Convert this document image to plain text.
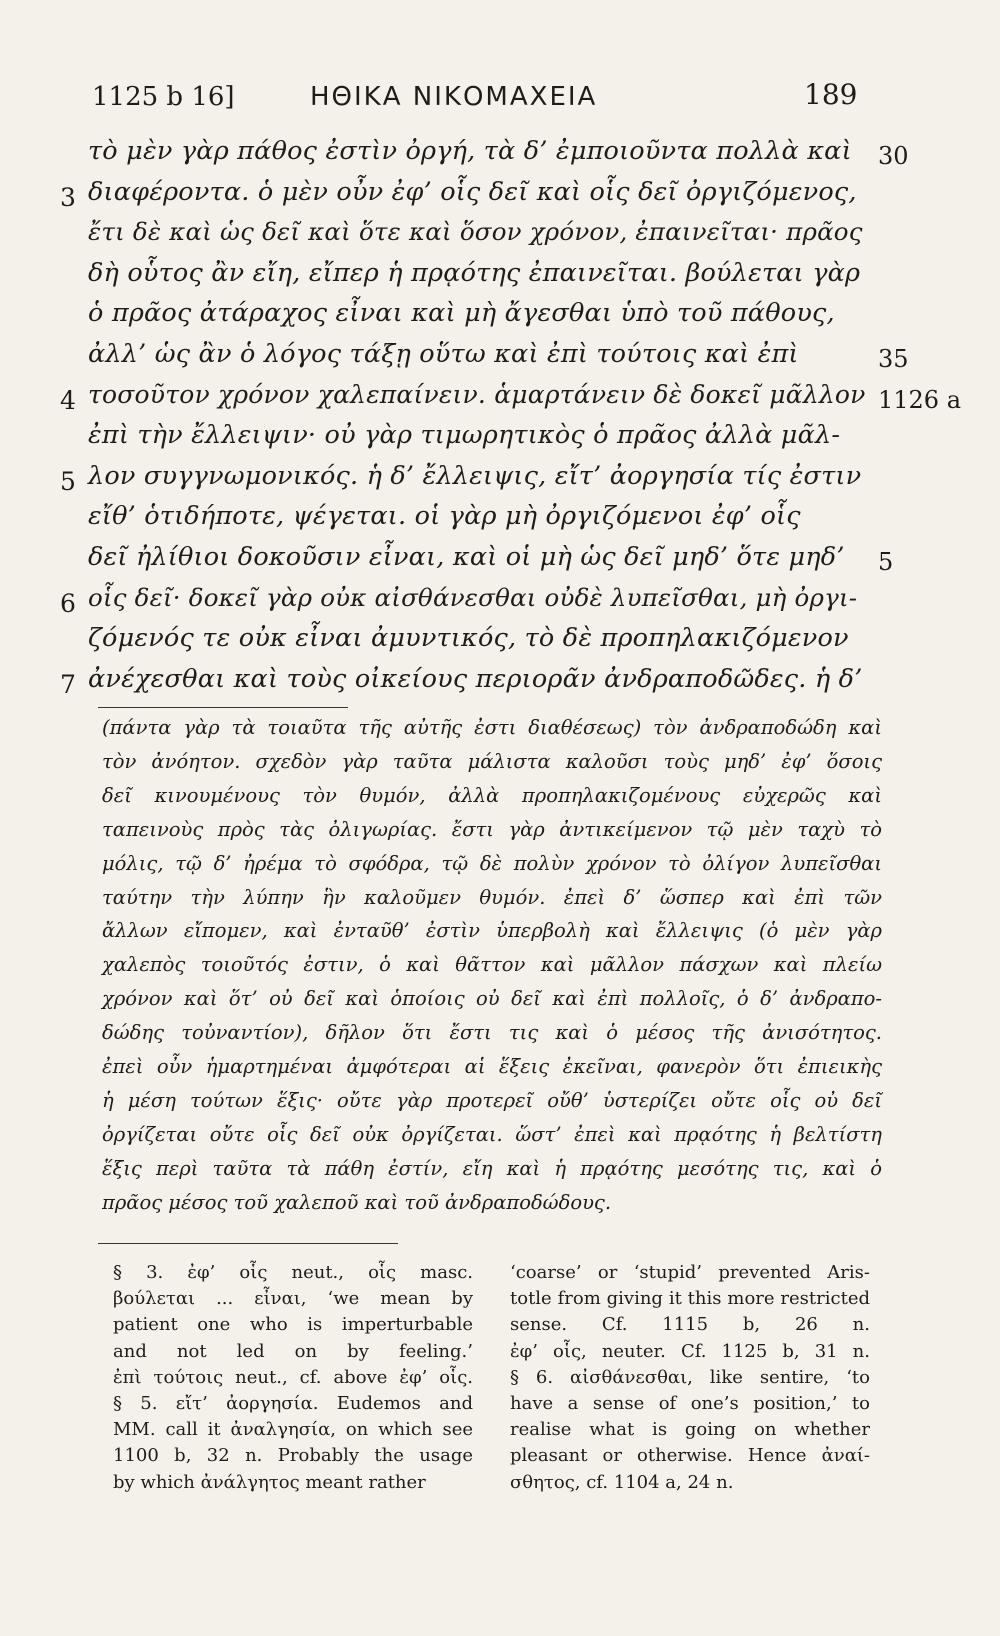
1125 b 16]	ΗΘΙΚΑ ΝΙΚΟΜΑΧΕΙΑ	189
τὸ μὲν γὰρ πάθος ἐστὶν ὀργή, τὰ δ’ ἐμποιοῦντα πολλὰ καὶ 30
3 διαφέροντα. ὁ μὲν οὖν ἐφ’ οἷς δεῖ καὶ οἷς δεῖ ὀργιζόμενος,
ἔτι δὲ καὶ ὡς δεῖ καὶ ὅτε καὶ ὅσον χρόνον, ἐπαινεῖται· πρᾶος
δὴ οὗτος ἂν εἴη, εἴπερ ἡ πρᾳότης ἐπαινεῖται. βούλεται γὰρ
ὁ πρᾶος ἀτάραχος εἶναι καὶ μὴ ἄγεσθαι ὑπὸ τοῦ πάθους,
ἀλλ’ ὡς ἂν ὁ λόγος τάξῃ οὕτω καὶ ἐπὶ τούτοις καὶ ἐπὶ	35
4 τοσοῦτον χρόνον χαλεπαίνειν. ἁμαρτάνειν δὲ δοκεῖ μᾶλλον 1126 a
ἐπὶ τὴν ἔλλειψιν· οὐ γὰρ τιμωρητικὸς ὁ πρᾶος ἀλλὰ μᾶλ-
5 λον συγγνωμονικός. ἡ δ’ ἔλλειψις, εἴτ’ ἀοργησία τίς ἐστιν
εἴθ’ ὁτιδήποτε, ψέγεται. οἱ γὰρ μὴ ὀργιζόμενοι ἐφ’ οἷς
δεῖ ἠλίθιοι δοκοῦσιν εἶναι, καὶ οἱ μὴ ὡς δεῖ μηδ’ ὅτε μηδ’ 5
6 οἷς δεῖ· δοκεῖ γὰρ οὐκ αἰσθάνεσθαι οὐδὲ λυπεῖσθαι, μὴ ὀργι-
ζόμενός τε οὐκ εἶναι ἀμυντικός, τὸ δὲ προπηλακιζόμενον
7 ἀνέχεσθαι καὶ τοὺς οἰκείους περιορᾶν ἀνδραποδῶδες. ἡ δ’
(πάντα γὰρ τὰ τοιαῦτα τῆς αὐτῆς ἐστι διαθέσεως) τὸν ἀνδραποδώδη καὶ
τὸν ἀνόητον. σχεδὸν γὰρ ταῦτα μάλιστα καλοῦσι τοὺς μηδ’ ἐφ’ ὅσοις
δεῖ κινουμένους τὸν θυμόν, ἀλλὰ προπηλακιζομένους εὐχερῶς καὶ
ταπεινοὺς πρὸς τὰς ὀλιγωρίας. ἔστι γὰρ ἀντικείμενον τῷ μὲν ταχὺ τὸ
μόλις, τῷ δ’ ἠρέμα τὸ σφόδρα, τῷ δὲ πολὺν χρόνον τὸ ὀλίγον λυπεῖσθαι
ταύτην τὴν λύπην ἣν καλοῦμεν θυμόν. ἐπεὶ δ’ ὥσπερ καὶ ἐπὶ τῶν
ἄλλων εἴπομεν, καὶ ἐνταῦθ’ ἐστὶν ὑπερβολὴ καὶ ἔλλειψις (ὁ μὲν γὰρ
χαλεπὸς τοιοῦτός ἐστιν, ὁ καὶ θᾶττον καὶ μᾶλλον πάσχων καὶ πλείω
χρόνον καὶ ὅτ’ οὐ δεῖ καὶ ὁποίοις οὐ δεῖ καὶ ἐπὶ πολλοῖς, ὁ δ’ ἀνδραπο-
δώδης τοὐναντίον), δῆλον ὅτι ἔστι τις καὶ ὁ μέσος τῆς ἀνισότητος.
ἐπεὶ οὖν ἡμαρτημέναι ἀμφότεραι αἱ ἕξεις ἐκεῖναι, φανερὸν ὅτι ἐπιεικὴς
ἡ μέση τούτων ἕξις· οὔτε γὰρ προτερεῖ οὔθ’ ὑστερίζει οὔτε οἷς οὐ δεῖ
ὀργίζεται οὔτε οἷς δεῖ οὐκ ὀργίζεται. ὥστ’ ἐπεὶ καὶ πρᾳότης ἡ βελτίστη
ἕξις περὶ ταῦτα τὰ πάθη ἐστίν, εἴη καὶ ἡ πρᾳότης μεσότης τις, καὶ ὁ
πρᾶος μέσος τοῦ χαλεποῦ καὶ τοῦ ἀνδραποδώδους.
§ 3. ἐφ’ οἷς neut., οἷς masc.
βούλεται ... εἶναι, ‘we mean by
patient one who is imperturbable
and not led on by feeling.’
ἐπὶ τούτοις neut., cf. above ἐφ’ οἷς.
§ 5. εἴτ’ ἀοργησία. Eudemos and
MM. call it ἀναλγησία, on which see
1100 b, 32 n. Probably the usage
by which ἀνάλγητος meant rather
‘coarse’ or ‘stupid’ prevented Aris-
totle from giving it this more restricted
sense. Cf. 1115 b, 26 n.
ἐφ’ οἷς, neuter. Cf. 1125 b, 31 n.
§ 6. αἰσθάνεσθαι, like sentire, ‘to
have a sense of one’s position,’ to
realise what is going on whether
pleasant or otherwise. Hence ἀναί-
σθητος, cf. 1104 a, 24 n.
